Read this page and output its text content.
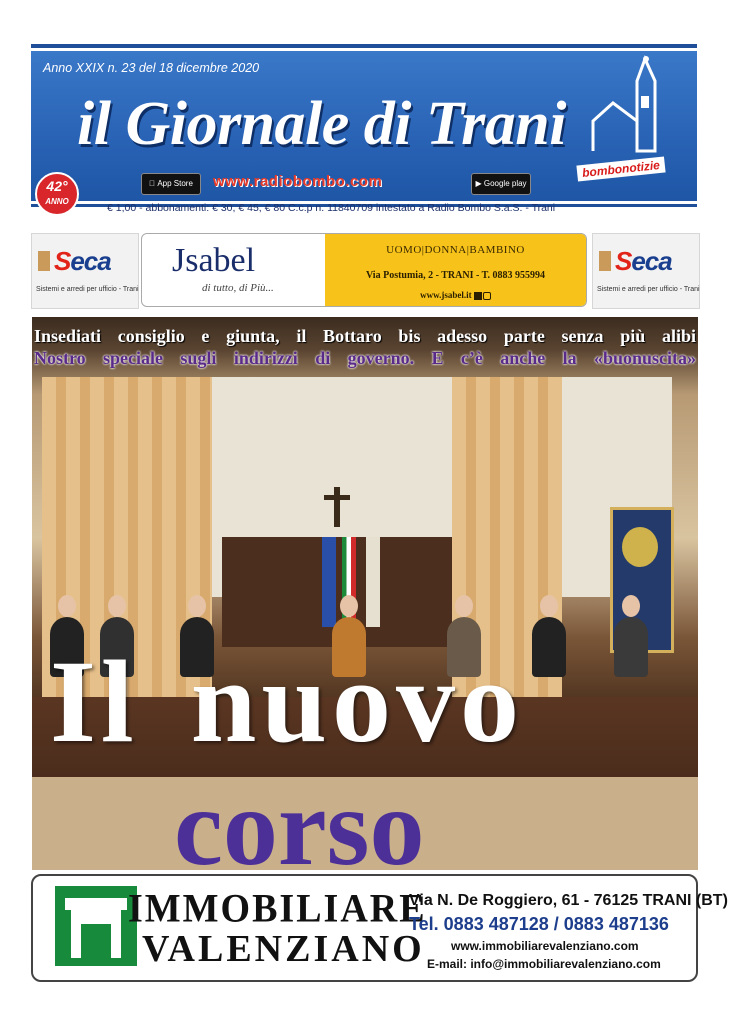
Anno XXIX n. 23 del 18 dicembre 2020
il Giornale di Trani
bombonotizie
App Store	www.radiobombo.com	▶ Google play
42°
ANNO
€ 1,00 - abbonamenti: € 30, € 45, € 80 C.c.p n. 11840709 intestato a Radio Bombo S.a.S. - Trani
Seca
Sistemi e arredi per ufficio - Trani
Jsabel
di tutto, di Più...
UOMO|DONNA|BAMBINO
Via Postumia, 2 - TRANI - T. 0883 955994
www.jsabel.it
Seca
Sistemi e arredi per ufficio - Trani
Insediati consiglio e giunta, il Bottaro bis adesso parte senza più alibi
Nostro speciale sugli indirizzi di governo. E c’è anche la «buonuscita»
Il nuovo
corso
IMMOBILIARE
VALENZIANO
Via N. De Roggiero, 61 - 76125 TRANI (BT)
Tel. 0883 487128 / 0883 487136
www.immobiliarevalenziano.com
E-mail: info@immobiliarevalenziano.com
